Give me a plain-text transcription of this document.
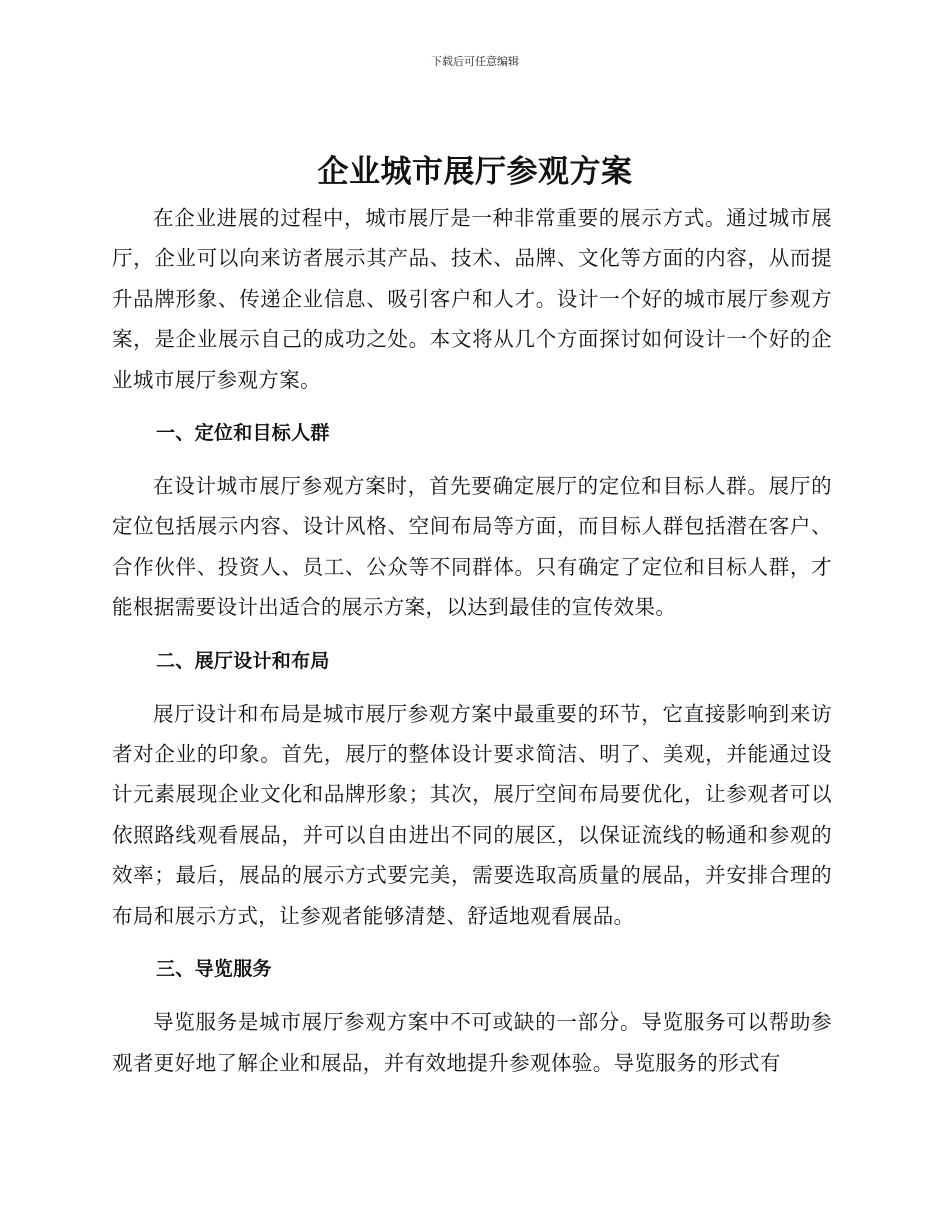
下载后可任意编辑
企业城市展厅参观方案

在企业进展的过程中，城市展厅是一种非常重要的展示方式。通过城市展厅，企业可以向来访者展示其产品、技术、品牌、文化等方面的内容，从而提升品牌形象、传递企业信息、吸引客户和人才。设计一个好的城市展厅参观方案，是企业展示自己的成功之处。本文将从几个方面探讨如何设计一个好的企业城市展厅参观方案。

一、定位和目标人群

在设计城市展厅参观方案时，首先要确定展厅的定位和目标人群。展厅的定位包括展示内容、设计风格、空间布局等方面，而目标人群包括潜在客户、合作伙伴、投资人、员工、公众等不同群体。只有确定了定位和目标人群，才能根据需要设计出适合的展示方案，以达到最佳的宣传效果。

二、展厅设计和布局

展厅设计和布局是城市展厅参观方案中最重要的环节，它直接影响到来访者对企业的印象。首先，展厅的整体设计要求简洁、明了、美观，并能通过设计元素展现企业文化和品牌形象；其次，展厅空间布局要优化，让参观者可以依照路线观看展品，并可以自由进出不同的展区，以保证流线的畅通和参观的效率；最后，展品的展示方式要完美，需要选取高质量的展品，并安排合理的布局和展示方式，让参观者能够清楚、舒适地观看展品。

三、导览服务

导览服务是城市展厅参观方案中不可或缺的一部分。导览服务可以帮助参观者更好地了解企业和展品，并有效地提升参观体验。导览服务的形式有
